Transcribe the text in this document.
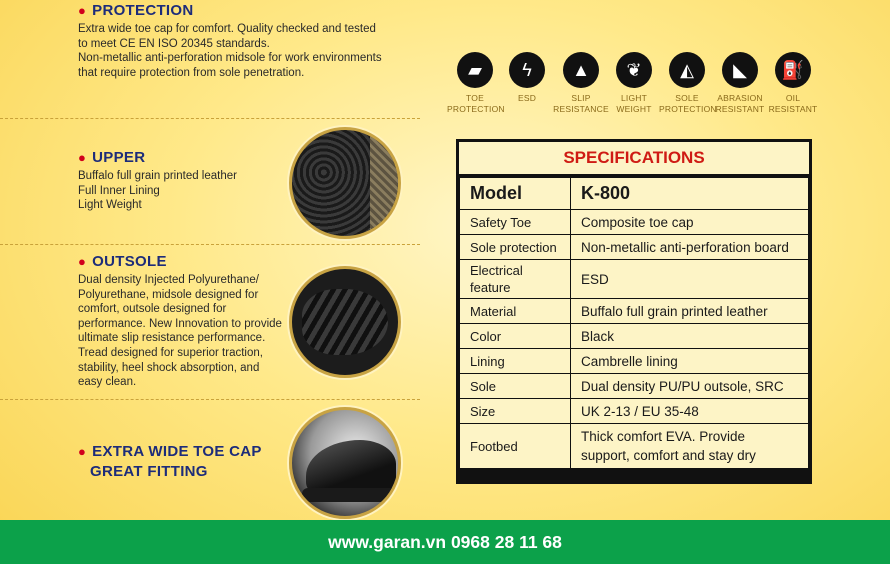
● PROTECTION
Extra wide toe cap for comfort. Quality checked and tested
to meet CE EN ISO 20345 standards.
Non-metallic anti-perforation midsole for work environments
that require protection from sole penetration.
● UPPER
Buffalo full grain printed leather
Full Inner Lining
Light Weight
● OUTSOLE
Dual density Injected Polyurethane/
Polyurethane, midsole designed for
comfort, outsole designed for
performance. New Innovation to provide
ultimate slip resistance performance.
Tread designed for superior traction,
stability, heel shock absorption, and
easy clean.
● EXTRA WIDE TOE CAP
GREAT FITTING
▰
TOE
PROTECTION
ϟ
ESD
▲
SLIP
RESISTANCE
❦
LIGHT
WEIGHT
◭
SOLE
PROTECTION
◣
ABRASION
RESISTANT
⛽
OIL
RESISTANT
SPECIFICATIONS
Model	K-800
Safety Toe	Composite toe cap
Sole protection	Non-metallic anti-perforation board

Electrical
feature	ESD
Material	Buffalo full grain printed leather
Color	Black
Lining	Cambrelle lining
Sole	Dual density PU/PU outsole, SRC
Size	UK 2-13 / EU 35-48
Footbed	Thick comfort EVA. Provide
support, comfort and stay dry
www.garan.vn 0968 28 11 68
